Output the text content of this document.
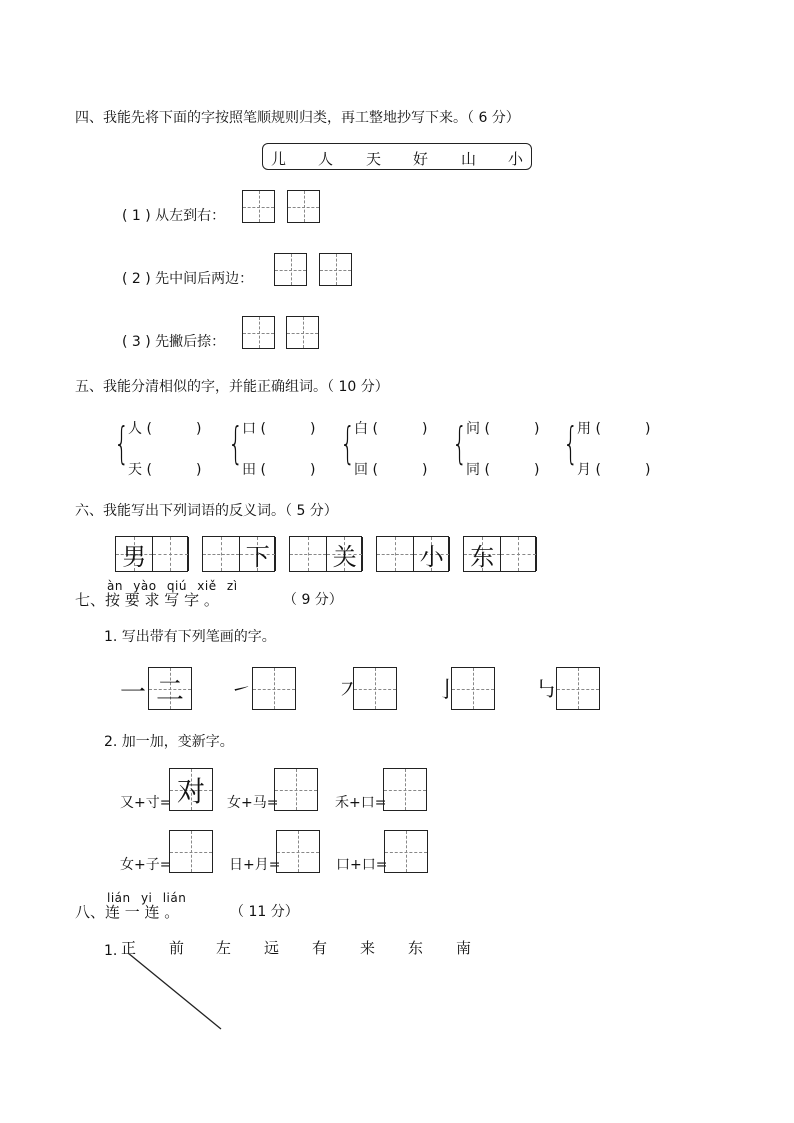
四、我能先将下面的字按照笔顺规则归类，再工整地抄写下来。（ 6 分）
儿 人 天 好 山 小
( 1 ) 从左到右：
( 2 ) 先中间后两边：
( 3 ) 先撇后捺：
五、我能分清相似的字，并能正确组词。（ 10 分）
{
人 (	)
天 (	)
{
口 (	)
田 (	)
{
白 (	)
回 (	)
{
问 (	)
同 (	)
{
用 (	)
月 (	)
六、我能写出下列词语的反义词。（ 5 分）
男	下	关	小 东
àn yào qiú xiě zì
七、按 要 求 写 字 。	（ 9 分）
1. 写出带有下列笔画的字。
一 二	㇀	㇇	亅	㇉
2. 加一加，变新字。
又+寸= 对	女+马=	禾+口=
女+子=	日+月=	口+口=
lián yi lián
八、连 一 连 。	（ 11 分）
1. 正 前 左 远 有 来 东 南
